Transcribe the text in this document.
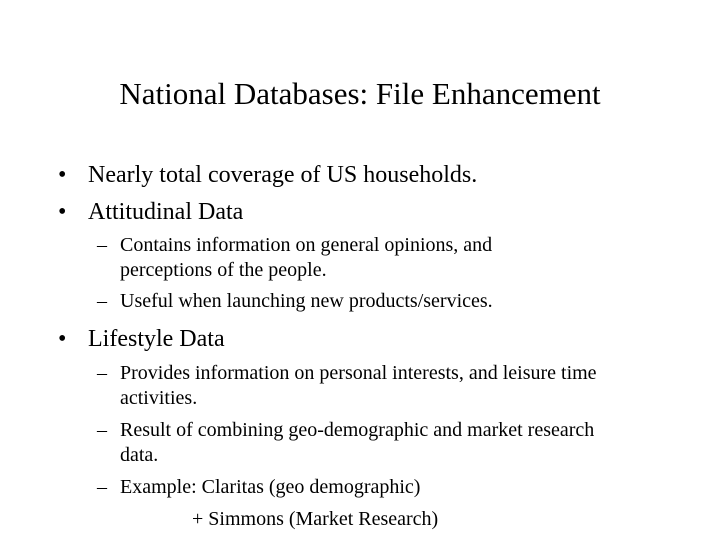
National Databases: File Enhancement
• Nearly total coverage of US households.
• Attitudinal Data
– Contains information on general opinions, and perceptions of the people.
– Useful when launching new products/services.
• Lifestyle Data
– Provides information on personal interests, and leisure time activities.
– Result of combining geo-demographic and market research data.
– Example: Claritas (geo demographic)
+ Simmons (Market Research)
